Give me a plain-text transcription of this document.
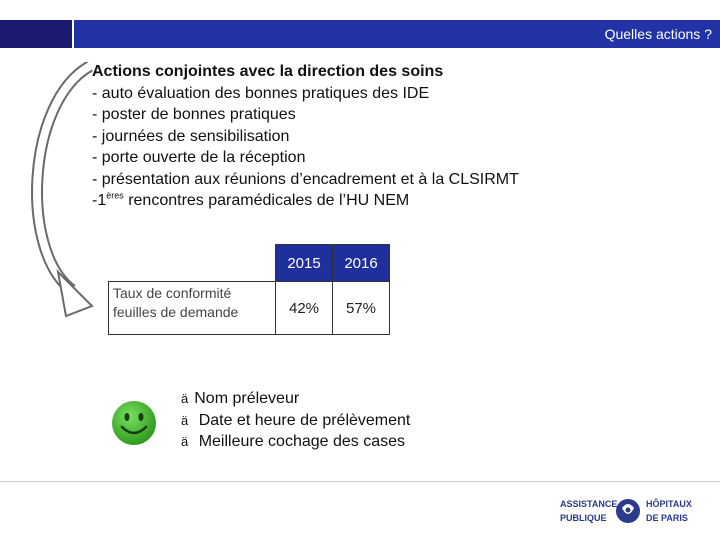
Quelles actions ?
Actions conjointes avec la direction des soins
- auto évaluation des bonnes pratiques des IDE
- poster de bonnes pratiques
- journées de sensibilisation
- porte ouverte de la réception
- présentation aux réunions d’encadrement et à la CLSIRMT
-1ères rencontres paramédicales de l’HU NEM
	2015	2016
Taux de conformité feuilles de demande	42%	57%
ä Nom préleveur
ä Date et heure de prélèvement
ä Meilleure cochage des cases
ASSISTANCE
PUBLIQUE
HÔPITAUX
DE PARIS
